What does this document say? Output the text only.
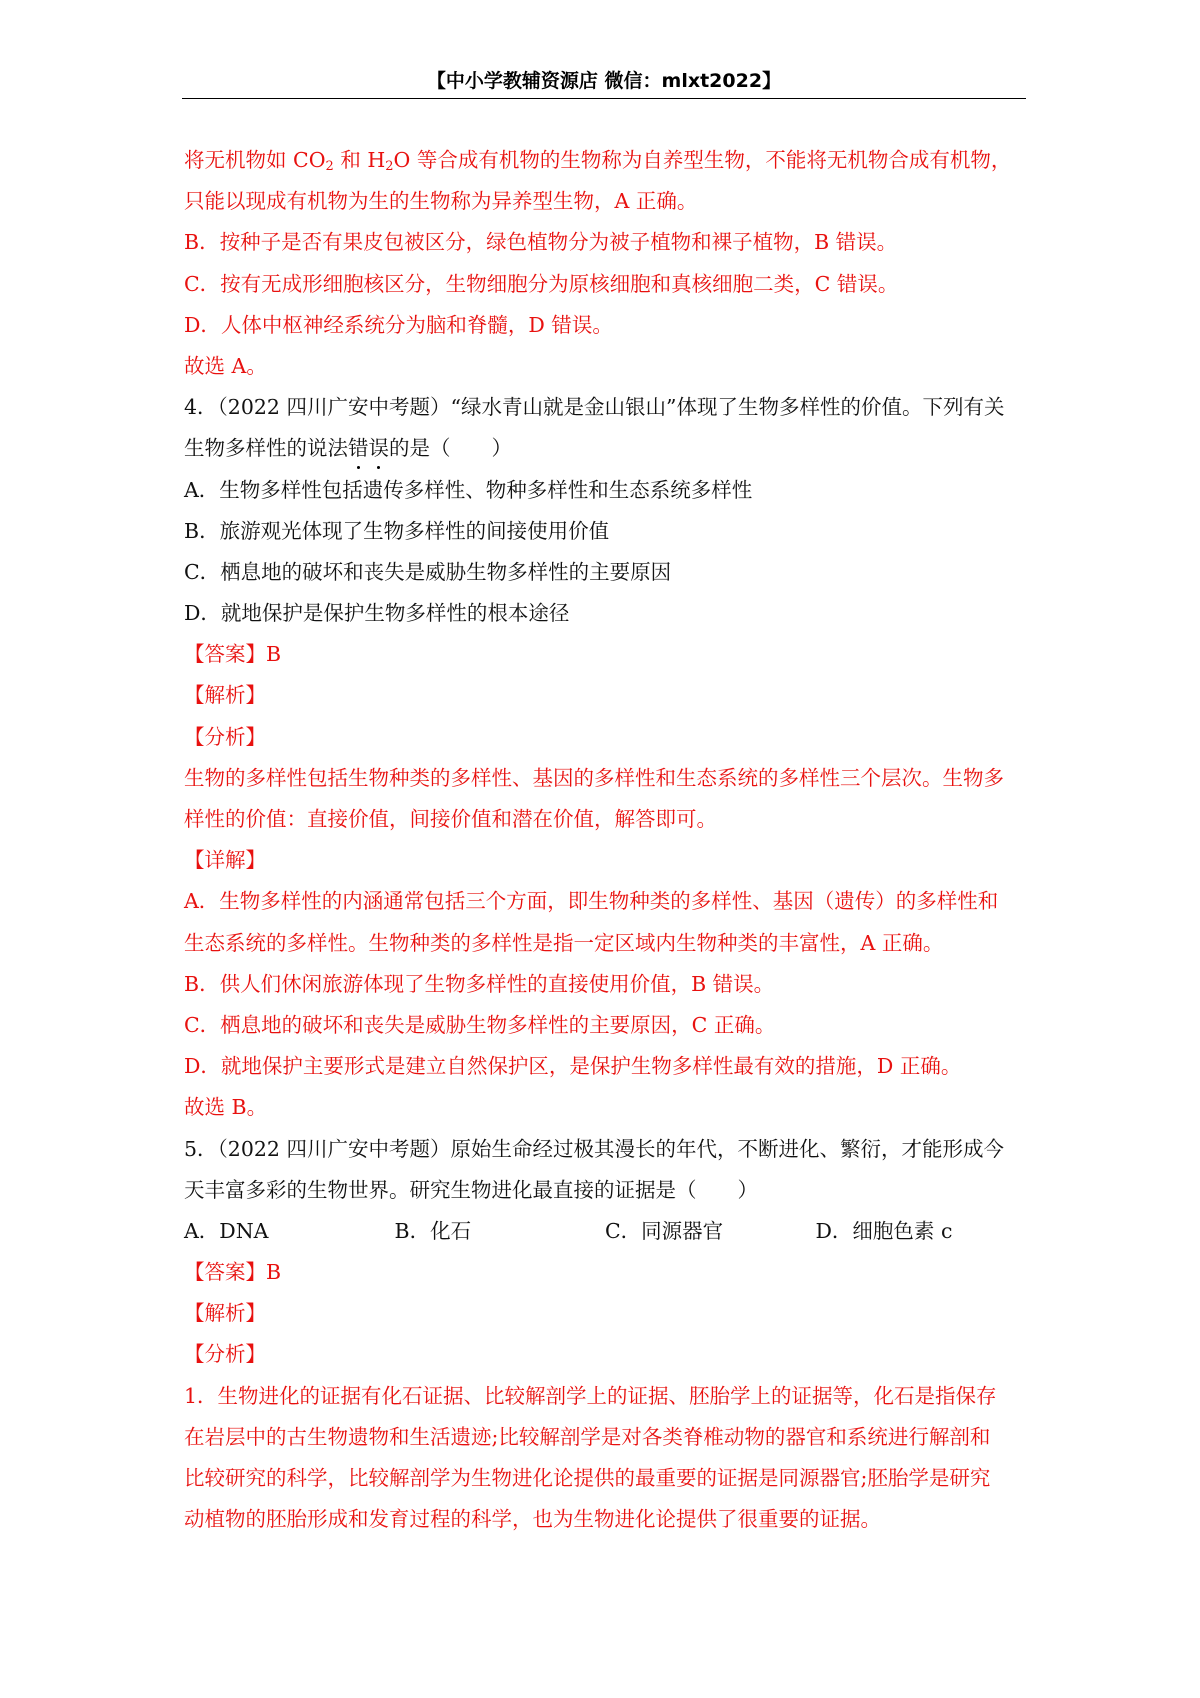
【中小学教辅资源店 微信：mlxt2022】
将无机物如 $CO_2$ 和 $H_2O$ 等合成有机物的生物称为自养型生物，不能将无机物合成有机物，
只能以现成有机物为生的生物称为异养型生物，A 正确。
B．按种子是否有果皮包被区分，绿色植物分为被子植物和裸子植物，B 错误。
C．按有无成形细胞核区分，生物细胞分为原核细胞和真核细胞二类，C 错误。
D．人体中枢神经系统分为脑和脊髓，D 错误。
故选 A。
4．（2022 四川广安中考题）“绿水青山就是金山银山”体现了生物多样性的价值。下列有关
生物多样性的说法错误的是（　　）
A．生物多样性包括遗传多样性、物种多样性和生态系统多样性
B．旅游观光体现了生物多样性的间接使用价值
C．栖息地的破坏和丧失是威胁生物多样性的主要原因
D．就地保护是保护生物多样性的根本途径
【答案】B
【解析】
【分析】
生物的多样性包括生物种类的多样性、基因的多样性和生态系统的多样性三个层次。生物多
样性的价值：直接价值，间接价值和潜在价值，解答即可。
【详解】
A．生物多样性的内涵通常包括三个方面，即生物种类的多样性、基因（遗传）的多样性和
生态系统的多样性。生物种类的多样性是指一定区域内生物种类的丰富性，A 正确。
B．供人们休闲旅游体现了生物多样性的直接使用价值，B 错误。
C．栖息地的破坏和丧失是威胁生物多样性的主要原因，C 正确。
D．就地保护主要形式是建立自然保护区，是保护生物多样性最有效的措施，D 正确。
故选 B。
5．（2022 四川广安中考题）原始生命经过极其漫长的年代，不断进化、繁衍，才能形成今
天丰富多彩的生物世界。研究生物进化最直接的证据是（　　）
A．DNA	B．化石	C．同源器官	D．细胞色素 c
【答案】B
【解析】
【分析】
1．生物进化的证据有化石证据、比较解剖学上的证据、胚胎学上的证据等，化石是指保存
在岩层中的古生物遗物和生活遗迹;比较解剖学是对各类脊椎动物的器官和系统进行解剖和
比较研究的科学，比较解剖学为生物进化论提供的最重要的证据是同源器官;胚胎学是研究
动植物的胚胎形成和发育过程的科学，也为生物进化论提供了很重要的证据。
